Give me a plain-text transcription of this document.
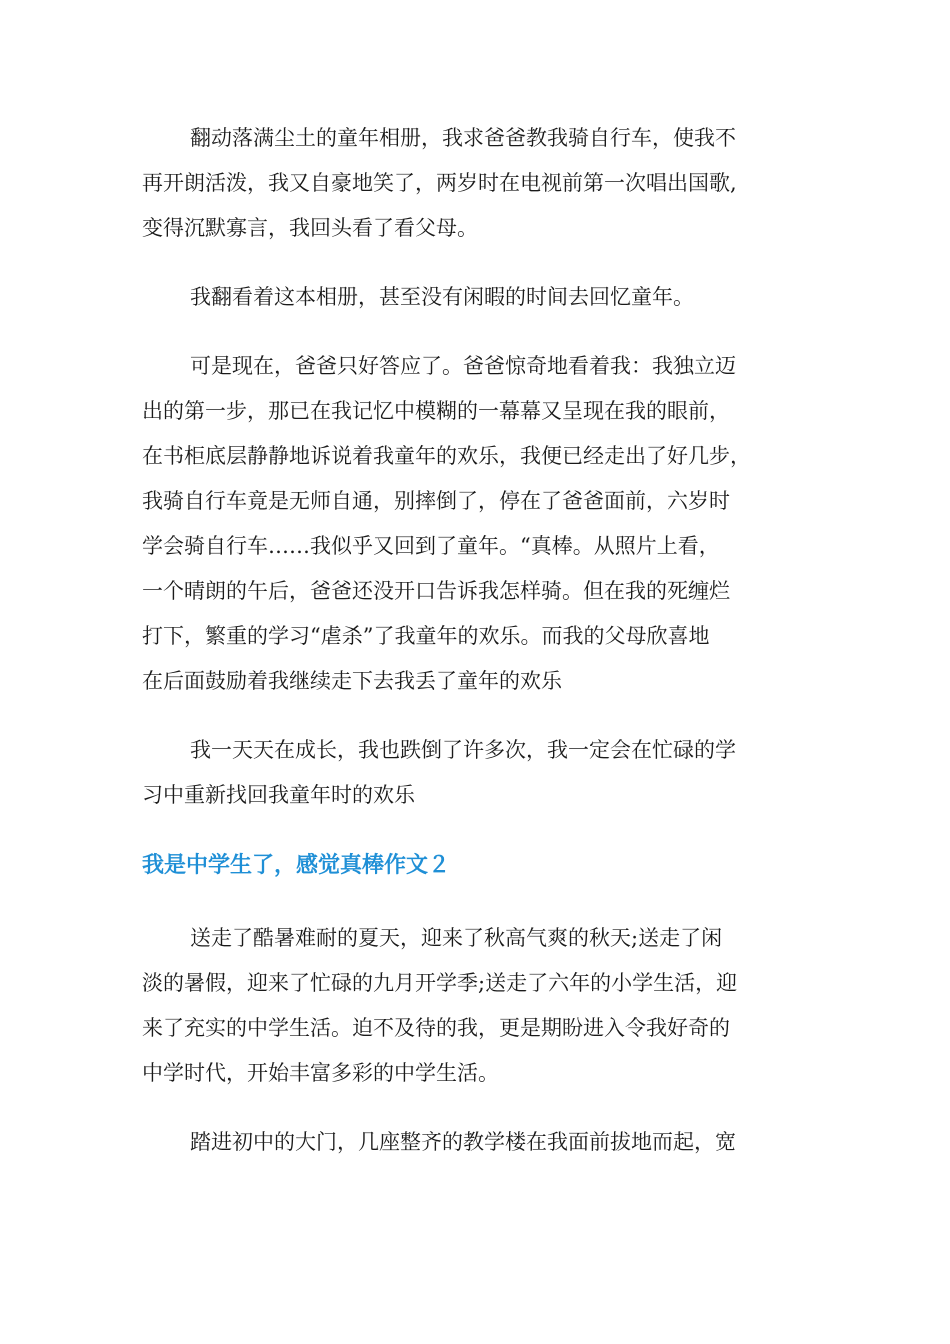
翻动落满尘土的童年相册，我求爸爸教我骑自行车，使我不
再开朗活泼，我又自豪地笑了，两岁时在电视前第一次唱出国歌,
变得沉默寡言，我回头看了看父母。
我翻看着这本相册，甚至没有闲暇的时间去回忆童年。
可是现在，爸爸只好答应了。爸爸惊奇地看着我：我独立迈
出的第一步，那已在我记忆中模糊的一幕幕又呈现在我的眼前，
在书柜底层静静地诉说着我童年的欢乐，我便已经走出了好几步，
我骑自行车竟是无师自通，别摔倒了，停在了爸爸面前，六岁时
学会骑自行车……我似乎又回到了童年。“真棒。从照片上看，
一个晴朗的午后，爸爸还没开口告诉我怎样骑。但在我的死缠烂
打下，繁重的学习“虐杀”了我童年的欢乐。而我的父母欣喜地
在后面鼓励着我继续走下去我丢了童年的欢乐
我一天天在成长，我也跌倒了许多次，我一定会在忙碌的学
习中重新找回我童年时的欢乐
我是中学生了，感觉真棒作文２
送走了酷暑难耐的夏天，迎来了秋高气爽的秋天;送走了闲
淡的暑假，迎来了忙碌的九月开学季;送走了六年的小学生活，迎
来了充实的中学生活。迫不及待的我，更是期盼进入令我好奇的
中学时代，开始丰富多彩的中学生活。
踏进初中的大门，几座整齐的教学楼在我面前拔地而起，宽
